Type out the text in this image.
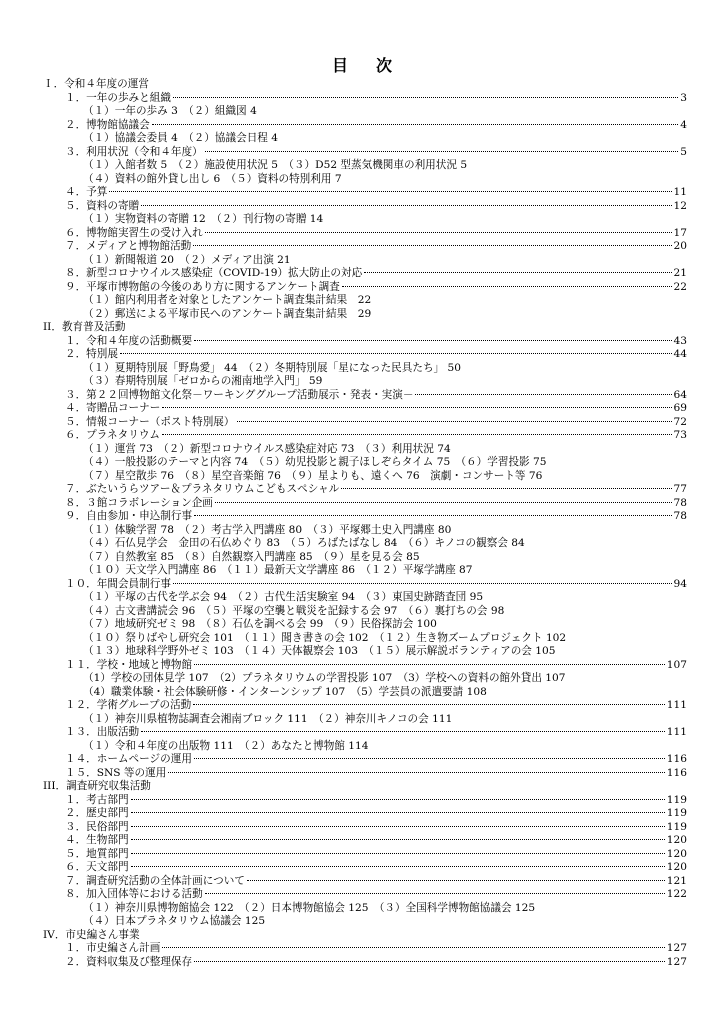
目　次
Ｉ．令和４年度の運営
１．一年の歩みと組織	3
（１）一年の歩み 3　（２）組織図 4
２．博物館協議会	4
（１）協議会委員 4　（２）協議会日程 4
３．利用状況（令和４年度）	5
（１）入館者数 5　（２）施設使用状況 5　（３）D52 型蒸気機関車の利用状況 5
（４）資料の館外貸し出し 6　（５）資料の特別利用 7
４．予算	11
５．資料の寄贈	12
（１）実物資料の寄贈 12　（２）刊行物の寄贈 14
６．博物館実習生の受け入れ	17
７．メディアと博物館活動	20
（１）新聞報道 20　（２）メディア出演 21
８．新型コロナウイルス感染症（COVID-19）拡大防止の対応	21
９．平塚市博物館の今後のあり方に関するアンケート調査	22
（１）館内利用者を対象としたアンケート調査集計結果　22
（２）郵送による平塚市民へのアンケート調査集計結果　29
II．教育普及活動
１．令和４年度の活動概要	43
２．特別展	44
（１）夏期特別展「野鳥愛」 44　（２）冬期特別展「星になった民具たち」 50
（３）春期特別展「ゼロからの湘南地学入門」 59
３．第２２回博物館文化祭－ワーキンググループ活動展示・発表・実演－	64
４．寄贈品コーナー	69
５．情報コーナー（ポスト特別展）	72
６．プラネタリウム	73
（１）運営 73　（２）新型コロナウイルス感染症対応 73　（３）利用状況 74
（４）一般投影のテーマと内容 74　（５）幼児投影と親子ほしぞらタイム 75　（６）学習投影 75
（７）星空散歩 76　（８）星空音楽館 76　（９）星よりも、遠くへ 76　演劇・コンサート等 76
７．ぶたいうらツアー＆プラネタリウムこどもスペシャル	77
８．３館コラボレーション企画	78
９．自由参加・申込制行事	78
（１）体験学習 78　（２）考古学入門講座 80　（３）平塚郷土史入門講座 80
（４）石仏見学会　金田の石仏めぐり 83　（５）ろばたばなし 84　（６）キノコの観察会 84
（７）自然教室 85　（８）自然観察入門講座 85　（９）星を見る会 85
（１０）天文学入門講座 86　（１１）最新天文学講座 86　（１２）平塚学講座 87
１０．年間会員制行事	94
（１）平塚の古代を学ぶ会 94　（２）古代生活実験室 94　（３）東国史跡踏査団 95
（４）古文書講読会 96　（５）平塚の空襲と戦災を記録する会 97　（６）裏打ちの会 98
（７）地域研究ゼミ 98　（８）石仏を調べる会 99　（９）民俗探訪会 100
（１０）祭りばやし研究会 101　（１１）聞き書きの会 102　（１２）生き物ズームプロジェクト 102
（１３）地球科学野外ゼミ 103　（１４）天体観察会 103　（１５）展示解説ボランティアの会 105
１１．学校・地域と博物館	107
（1）学校の団体見学 107　（2）プラネタリウムの学習投影 107　（3）学校への資料の館外貸出 107
（4）職業体験・社会体験研修・インターンシップ 107　（5）学芸員の派遣要請 108
１２．学術グループの活動	111
（１）神奈川県植物誌調査会湘南ブロック 111　（２）神奈川キノコの会 111
１３．出版活動	111
（１）令和４年度の出版物 111　（２）あなたと博物館 114
１４．ホームページの運用	116
１５．SNS 等の運用	116
III．調査研究収集活動
１．考古部門	119
２．歴史部門	119
３．民俗部門	119
４．生物部門	120
５．地質部門	120
６．天文部門	120
７．調査研究活動の全体計画について	121
８．加入団体等における活動	122
（１）神奈川県博物館協会 122　（２）日本博物館協会 125　（３）全国科学博物館協議会 125
（４）日本プラネタリウム協議会 125
IV．市史編さん事業
１．市史編さん計画	127
２．資料収集及び整理保存	127
